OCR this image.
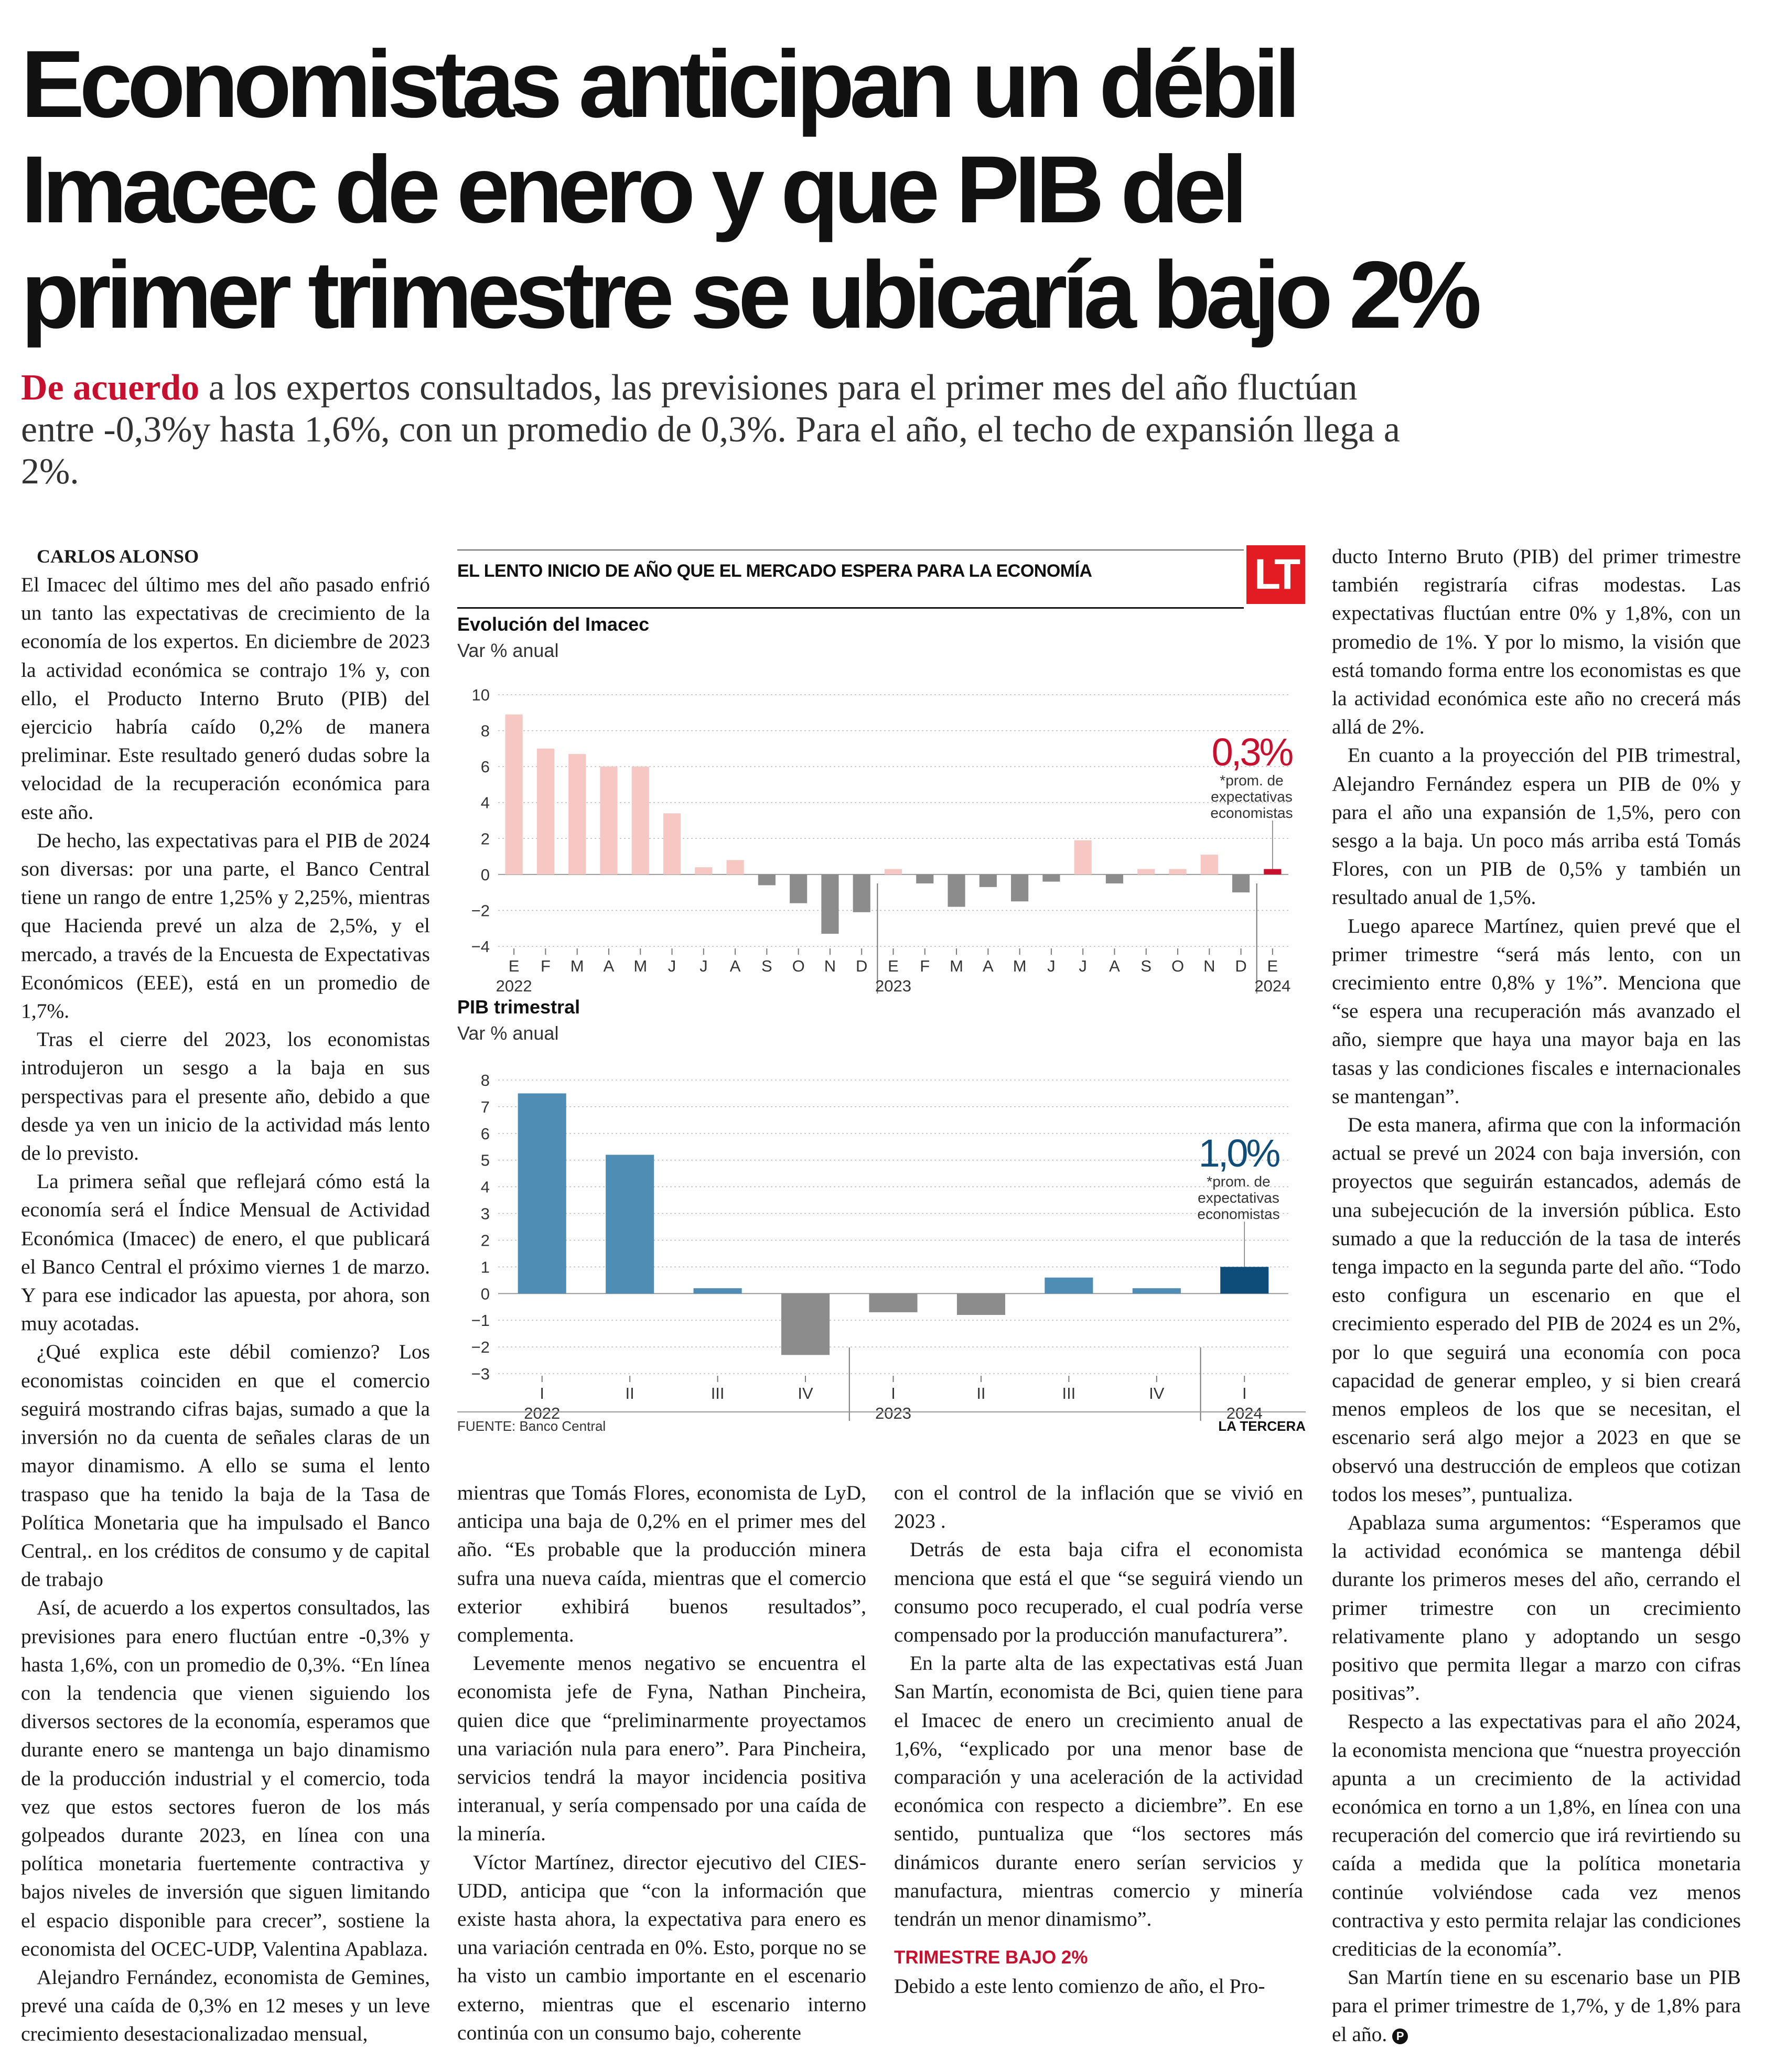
Economistas anticipan un débil
Imacec de enero y que PIB del
primer trimestre se ubicaría bajo 2%
De acuerdo a los expertos consultados, las previsiones para el primer mes del año fluctúan entre -0,3%y hasta 1,6%, con un promedio de 0,3%. Para el año, el techo de expansión llega a 2%.

CARLOS ALONSO

El Imacec del último mes del año pasado enfrió un tanto las expectativas de crecimiento de la economía de los expertos. En diciembre de 2023 la actividad económica se contrajo 1% y, con ello, el Producto Interno Bruto (PIB) del ejercicio habría caído 0,2% de manera preliminar. Este resultado generó dudas sobre la velocidad de la recuperación económica para este año.

De hecho, las expectativas para el PIB de 2024 son diversas: por una parte, el Banco Central tiene un rango de entre 1,25% y 2,25%, mientras que Hacienda prevé un alza de 2,5%, y el mercado, a través de la Encuesta de Expectativas Económicos (EEE), está en un promedio de 1,7%.

Tras el cierre del 2023, los economistas introdujeron un sesgo a la baja en sus perspectivas para el presente año, debido a que desde ya ven un inicio de la actividad más lento de lo previsto.

La primera señal que reflejará cómo está la economía será el Índice Mensual de Actividad Económica (Imacec) de enero, el que publicará el Banco Central el próximo viernes 1 de marzo. Y para ese indicador las apuesta, por ahora, son muy acotadas.

¿Qué explica este débil comienzo? Los economistas coinciden en que el comercio seguirá mostrando cifras bajas, sumado a que la inversión no da cuenta de señales claras de un mayor dinamismo. A ello se suma el lento traspaso que ha tenido la baja de la Tasa de Política Monetaria que ha impulsado el Banco Central,. en los créditos de consumo y de capital de trabajo

Así, de acuerdo a los expertos consultados, las previsiones para enero fluctúan entre -0,3% y hasta 1,6%, con un promedio de 0,3%. “En línea con la tendencia que vienen siguiendo los diversos sectores de la economía, esperamos que durante enero se mantenga un bajo dinamismo de la producción industrial y el comercio, toda vez que estos sectores fueron de los más golpeados durante 2023, en línea con una política monetaria fuertemente contractiva y bajos niveles de inversión que siguen limitando el espacio disponible para crecer”, sostiene la economista del OCEC-UDP, Valentina Apablaza.

Alejandro Fernández, economista de Gemines, prevé una caída de 0,3% en 12 meses y un leve crecimiento desestacionalizadao mensual,

EL LENTO INICIO DE AÑO QUE EL MERCADO ESPERA PARA LA ECONOMÍA	LT
Evolución del Imacec
Var % anual
−4
−2
0
2
4
6
8
10
E F M A M J J A S O N D E F M A M J J A S O N D E
2022	2023	2024
0,3%
*prom. de
expectativas
economistas
PIB trimestral
Var % anual
−3
−2
−1
0
1
2
3
4
5
6
7
8
I	II	III	IV	I	II	III	IV	I
2022	2023	2024
1,0%
*prom. de
expectativas
economistas
FUENTE: Banco Central	LA TERCERA

mientras que Tomás Flores, economista de LyD, anticipa una baja de 0,2% en el primer mes del año. “Es probable que la producción minera sufra una nueva caída, mientras que el comercio exterior exhibirá buenos resultados”, complementa.

Levemente menos negativo se encuentra el economista jefe de Fyna, Nathan Pincheira, quien dice que “preliminarmente proyectamos una variación nula para enero”. Para Pincheira, servicios tendrá la mayor incidencia positiva interanual, y sería compensado por una caída de la minería.

Víctor Martínez, director ejecutivo del CIES-UDD, anticipa que “con la información que existe hasta ahora, la expectativa para enero es una variación centrada en 0%. Esto, porque no se ha visto un cambio importante en el escenario externo, mientras que el escenario interno continúa con un consumo bajo, coherente

con el control de la inflación que se vivió en 2023 .

Detrás de esta baja cifra el economista menciona que está el que “se seguirá viendo un consumo poco recuperado, el cual podría verse compensado por la producción manufacturera”.

En la parte alta de las expectativas está Juan San Martín, economista de Bci, quien tiene para el Imacec de enero un crecimiento anual de 1,6%, “explicado por una menor base de comparación y una aceleración de la actividad económica con respecto a diciembre”. En ese sentido, puntualiza que “los sectores más dinámicos durante enero serían servicios y manufactura, mientras comercio y minería tendrán un menor dinamismo”.

TRIMESTRE BAJO 2%

Debido a este lento comienzo de año, el Pro-

ducto Interno Bruto (PIB) del primer trimestre también registraría cifras modestas. Las expectativas fluctúan entre 0% y 1,8%, con un promedio de 1%. Y por lo mismo, la visión que está tomando forma entre los economistas es que la actividad económica este año no crecerá más allá de 2%.

En cuanto a la proyección del PIB trimestral, Alejandro Fernández espera un PIB de 0% y para el año una expansión de 1,5%, pero con sesgo a la baja. Un poco más arriba está Tomás Flores, con un PIB de 0,5% y también un resultado anual de 1,5%.

Luego aparece Martínez, quien prevé que el primer trimestre “será más lento, con un crecimiento entre 0,8% y 1%”. Menciona que “se espera una recuperación más avanzado el año, siempre que haya una mayor baja en las tasas y las condiciones fiscales e internacionales se mantengan”.

De esta manera, afirma que con la información actual se prevé un 2024 con baja inversión, con proyectos que seguirán estancados, además de una subejecución de la inversión pública. Esto sumado a que la reducción de la tasa de interés tenga impacto en la segunda parte del año. “Todo esto configura un escenario en que el crecimiento esperado del PIB de 2024 es un 2%, por lo que seguirá una economía con poca capacidad de generar empleo, y si bien creará menos empleos de los que se necesitan, el escenario será algo mejor a 2023 en que se observó una destrucción de empleos que cotizan todos los meses”, puntualiza.

Apablaza suma argumentos: “Esperamos que la actividad económica se mantenga débil durante los primeros meses del año, cerrando el primer trimestre con un crecimiento relativamente plano y adoptando un sesgo positivo que permita llegar a marzo con cifras positivas”.

Respecto a las expectativas para el año 2024, la economista menciona que “nuestra proyección apunta a un crecimiento de la actividad económica en torno a un 1,8%, en línea con una recuperación del comercio que irá revirtiendo su caída a medida que la política monetaria continúe volviéndose cada vez menos contractiva y esto permita relajar las condiciones crediticias de la economía”.

San Martín tiene en su escenario base un PIB para el primer trimestre de 1,7%, y de 1,8% para el año. P
